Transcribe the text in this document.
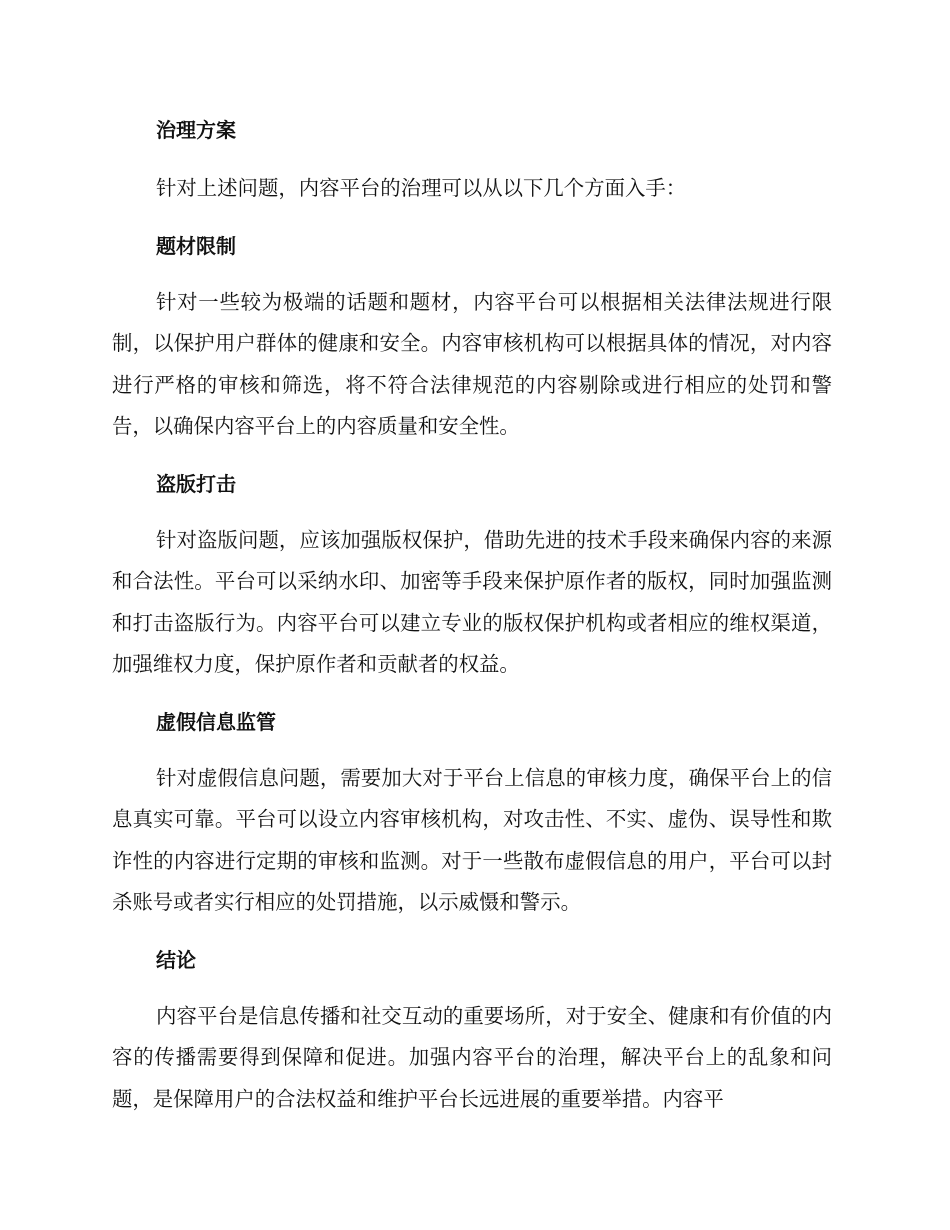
治理方案

针对上述问题，内容平台的治理可以从以下几个方面入手：

题材限制

针对一些较为极端的话题和题材，内容平台可以根据相关法律法规进行限制，以保护用户群体的健康和安全。内容审核机构可以根据具体的情况，对内容进行严格的审核和筛选，将不符合法律规范的内容剔除或进行相应的处罚和警告，以确保内容平台上的内容质量和安全性。

盗版打击

针对盗版问题，应该加强版权保护，借助先进的技术手段来确保内容的来源和合法性。平台可以采纳水印、加密等手段来保护原作者的版权，同时加强监测和打击盗版行为。内容平台可以建立专业的版权保护机构或者相应的维权渠道，加强维权力度，保护原作者和贡献者的权益。

虚假信息监管

针对虚假信息问题，需要加大对于平台上信息的审核力度，确保平台上的信息真实可靠。平台可以设立内容审核机构，对攻击性、不实、虚伪、误导性和欺诈性的内容进行定期的审核和监测。对于一些散布虚假信息的用户，平台可以封杀账号或者实行相应的处罚措施，以示威慑和警示。

结论

内容平台是信息传播和社交互动的重要场所，对于安全、健康和有价值的内容的传播需要得到保障和促进。加强内容平台的治理，解决平台上的乱象和问题，是保障用户的合法权益和维护平台长远进展的重要举措。内容平
